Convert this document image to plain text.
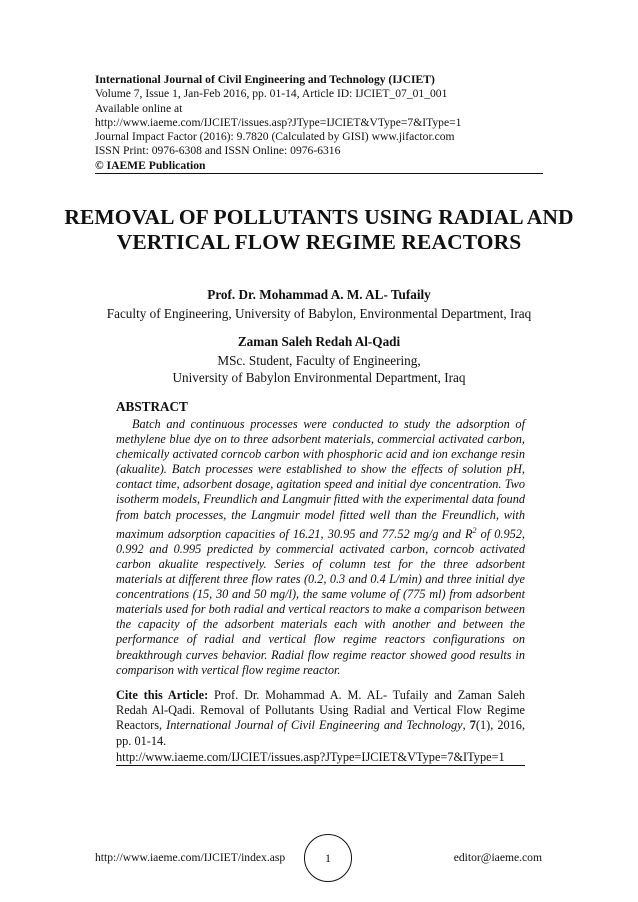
International Journal of Civil Engineering and Technology (IJCIET)
Volume 7, Issue 1, Jan-Feb 2016, pp. 01-14, Article ID: IJCIET_07_01_001
Available online at
http://www.iaeme.com/IJCIET/issues.asp?JType=IJCIET&VType=7&IType=1
Journal Impact Factor (2016): 9.7820 (Calculated by GISI) www.jifactor.com
ISSN Print: 0976-6308 and ISSN Online: 0976-6316
© IAEME Publication
REMOVAL OF POLLUTANTS USING RADIAL AND VERTICAL FLOW REGIME REACTORS
Prof. Dr. Mohammad A. M. AL- Tufaily
Faculty of Engineering, University of Babylon, Environmental Department, Iraq
Zaman Saleh Redah Al-Qadi
MSc. Student, Faculty of Engineering,
University of Babylon Environmental Department, Iraq
ABSTRACT
Batch and continuous processes were conducted to study the adsorption of methylene blue dye on to three adsorbent materials, commercial activated carbon, chemically activated corncob carbon with phosphoric acid and ion exchange resin (akualite). Batch processes were established to show the effects of solution pH, contact time, adsorbent dosage, agitation speed and initial dye concentration. Two isotherm models, Freundlich and Langmuir fitted with the experimental data found from batch processes, the Langmuir model fitted well than the Freundlich, with maximum adsorption capacities of 16.21, 30.95 and 77.52 mg/g and $R^2$ of 0.952, 0.992 and 0.995 predicted by commercial activated carbon, corncob activated carbon akualite respectively. Series of column test for the three adsorbent materials at different three flow rates (0.2, 0.3 and 0.4 L/min) and three initial dye concentrations (15, 30 and 50 mg/l), the same volume of (775 ml) from adsorbent materials used for both radial and vertical reactors to make a comparison between the capacity of the adsorbent materials each with another and between the performance of radial and vertical flow regime reactors configurations on breakthrough curves behavior. Radial flow regime reactor showed good results in comparison with vertical flow regime reactor.
Cite this Article: Prof. Dr. Mohammad A. M. AL- Tufaily and Zaman Saleh Redah Al-Qadi. Removal of Pollutants Using Radial and Vertical Flow Regime Reactors, International Journal of Civil Engineering and Technology, 7(1), 2016, pp. 01-14.
http://www.iaeme.com/IJCIET/issues.asp?JType=IJCIET&VType=7&IType=1
http://www.iaeme.com/IJCIET/index.asp	1	editor@iaeme.com
